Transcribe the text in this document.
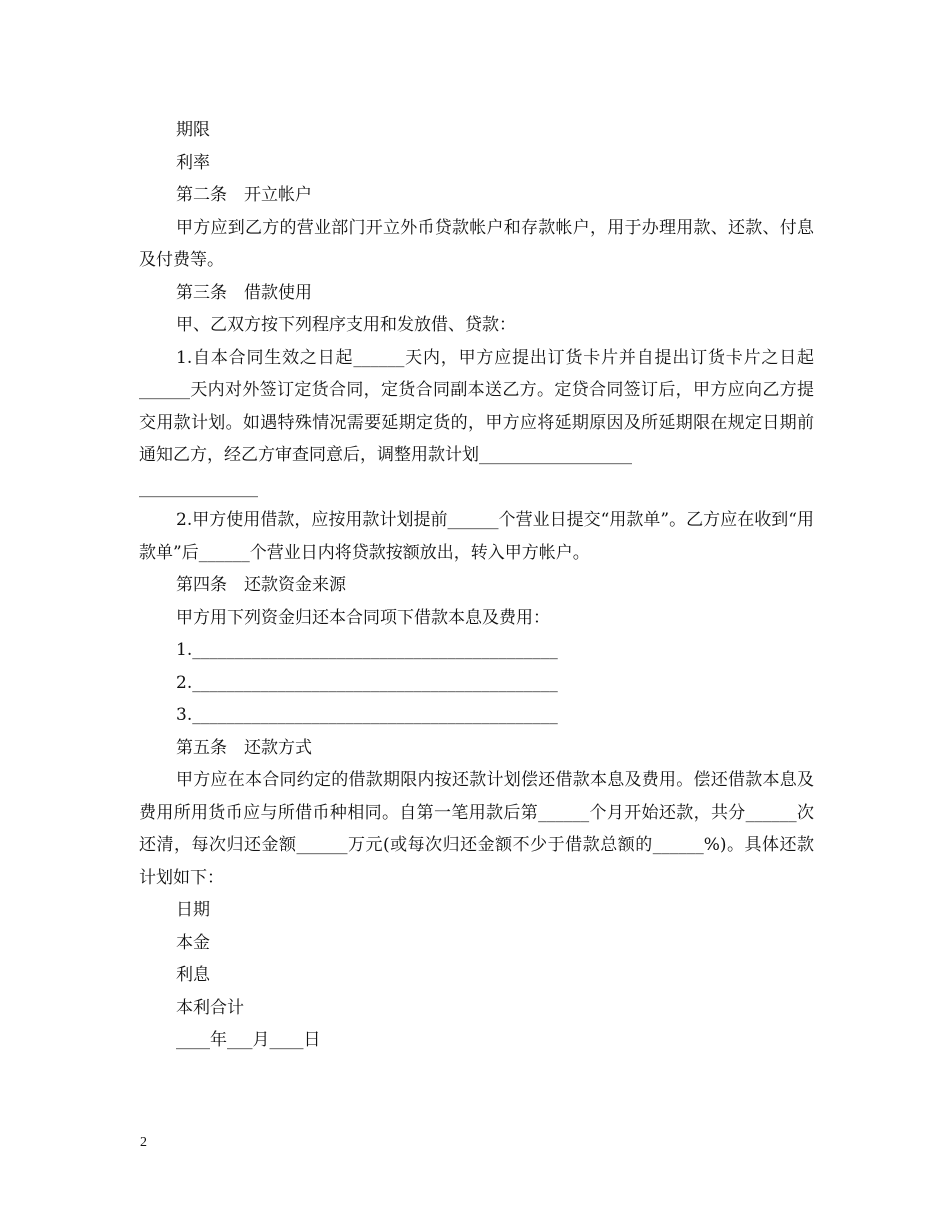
期限

利率

第二条　开立帐户

甲方应到乙方的营业部门开立外币贷款帐户和存款帐户，用于办理用款、还款、付息及付费等。

第三条　借款使用

甲、乙双方按下列程序支用和发放借、贷款：

1.自本合同生效之日起______天内，甲方应提出订货卡片并自提出订货卡片之日起______天内对外签订定货合同，定货合同副本送乙方。定贷合同签订后，甲方应向乙方提交用款计划。如遇特殊情况需要延期定货的，甲方应将延期原因及所延期限在规定日期前通知乙方，经乙方审查同意后，调整用款计划__________________

______________

2.甲方使用借款，应按用款计划提前______个营业日提交“用款单”。乙方应在收到“用款单”后______个营业日内将贷款按额放出，转入甲方帐户。

第四条　还款资金来源

甲方用下列资金归还本合同项下借款本息及费用：

1.___________________________________________

2.___________________________________________

3.___________________________________________

第五条　还款方式

甲方应在本合同约定的借款期限内按还款计划偿还借款本息及费用。偿还借款本息及费用所用货币应与所借币种相同。自第一笔用款后第______个月开始还款，共分______次还清，每次归还金额______万元(或每次归还金额不少于借款总额的______%)。具体还款计划如下：

日期

本金

利息

本利合计

____年___月____日

2
